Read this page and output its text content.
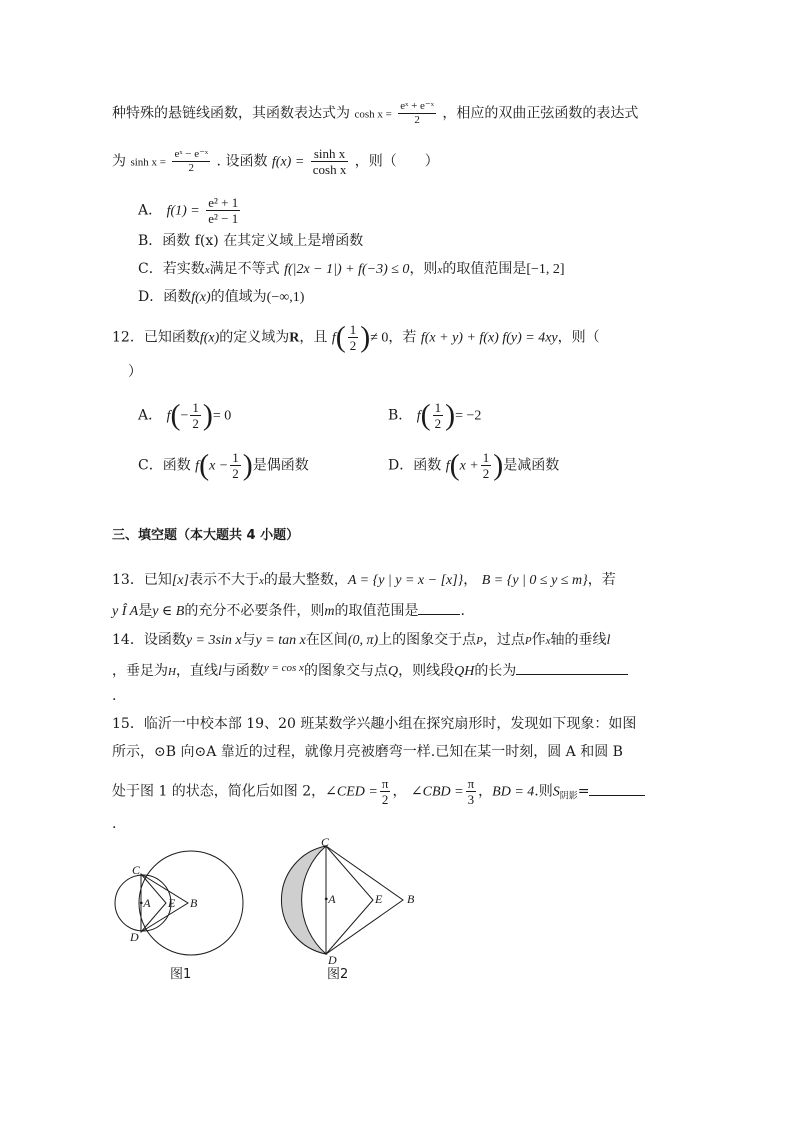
种特殊的悬链线函数，其函数表达式为 $\cosh x = \frac{\text{eˣ + e⁻ˣ}}{2}$ ，相应的双曲正弦函数的表达式
为 $\sinh x = \frac{\text{eˣ − e⁻ˣ}}{2}$ . 设函数 $f(x) = \frac{\text{sinh x}}{\text{cosh x}}$ ，则（　　）
A． $f(1) = \frac{\text{e² + 1}}{\text{e² − 1}}$
B．函数 f(x) 在其定义域上是增函数
C．若实数x满足不等式 f(|2x − 1|) + f(−3) ≤ 0，则x的取值范围是[−1, 2]
D．函数f(x)的值域为(−∞,1)
12．已知函数f(x)的定义域为R，且 $f( \frac{1}{2}$ )≠ 0，若 f(x + y) + f(x) f(y) = 4xy，则（
）
A． $f(- \frac{1}{2}$ )= 0	B． $f( \frac{1}{2}$ )= −2
C．函数 $f(x - \frac{1}{2}$ )是偶函数	D．函数 $f(x + \frac{1}{2}$ )是减函数
三、填空题（本大题共 4 小题）
13．已知[x]表示不大于x的最大整数，A = {y | y = x − [x]}， B = {y | 0 ≤ y ≤ m}，若
y Î A是y ∈ B的充分不必要条件，则m的取值范围是	.
14．设函数y = 3sin x与y = tan x在区间(0, π)上的图象交于点P，过点P作x轴的垂线l
，垂足为H，直线l与函数$^{y = cos x}$的图象交与点Q，则线段QH的长为
.
15．临沂一中校本部 19、20 班某数学兴趣小组在探究扇形时，发现如下现象：如图
所示，⊙B 向⊙A 靠近的过程，就像月亮被磨弯一样.已知在某一时刻，圆 A 和圆 B
处于图 1 的状态，简化后如图 2，∠CED = $\frac{\pi}{2}$ ， ∠CBD = $\frac{\pi}{3}$ ，BD = 4.则$S_{阴影}=$
.
C
•A E B
D
图1
C
•A	E B
D
图2
